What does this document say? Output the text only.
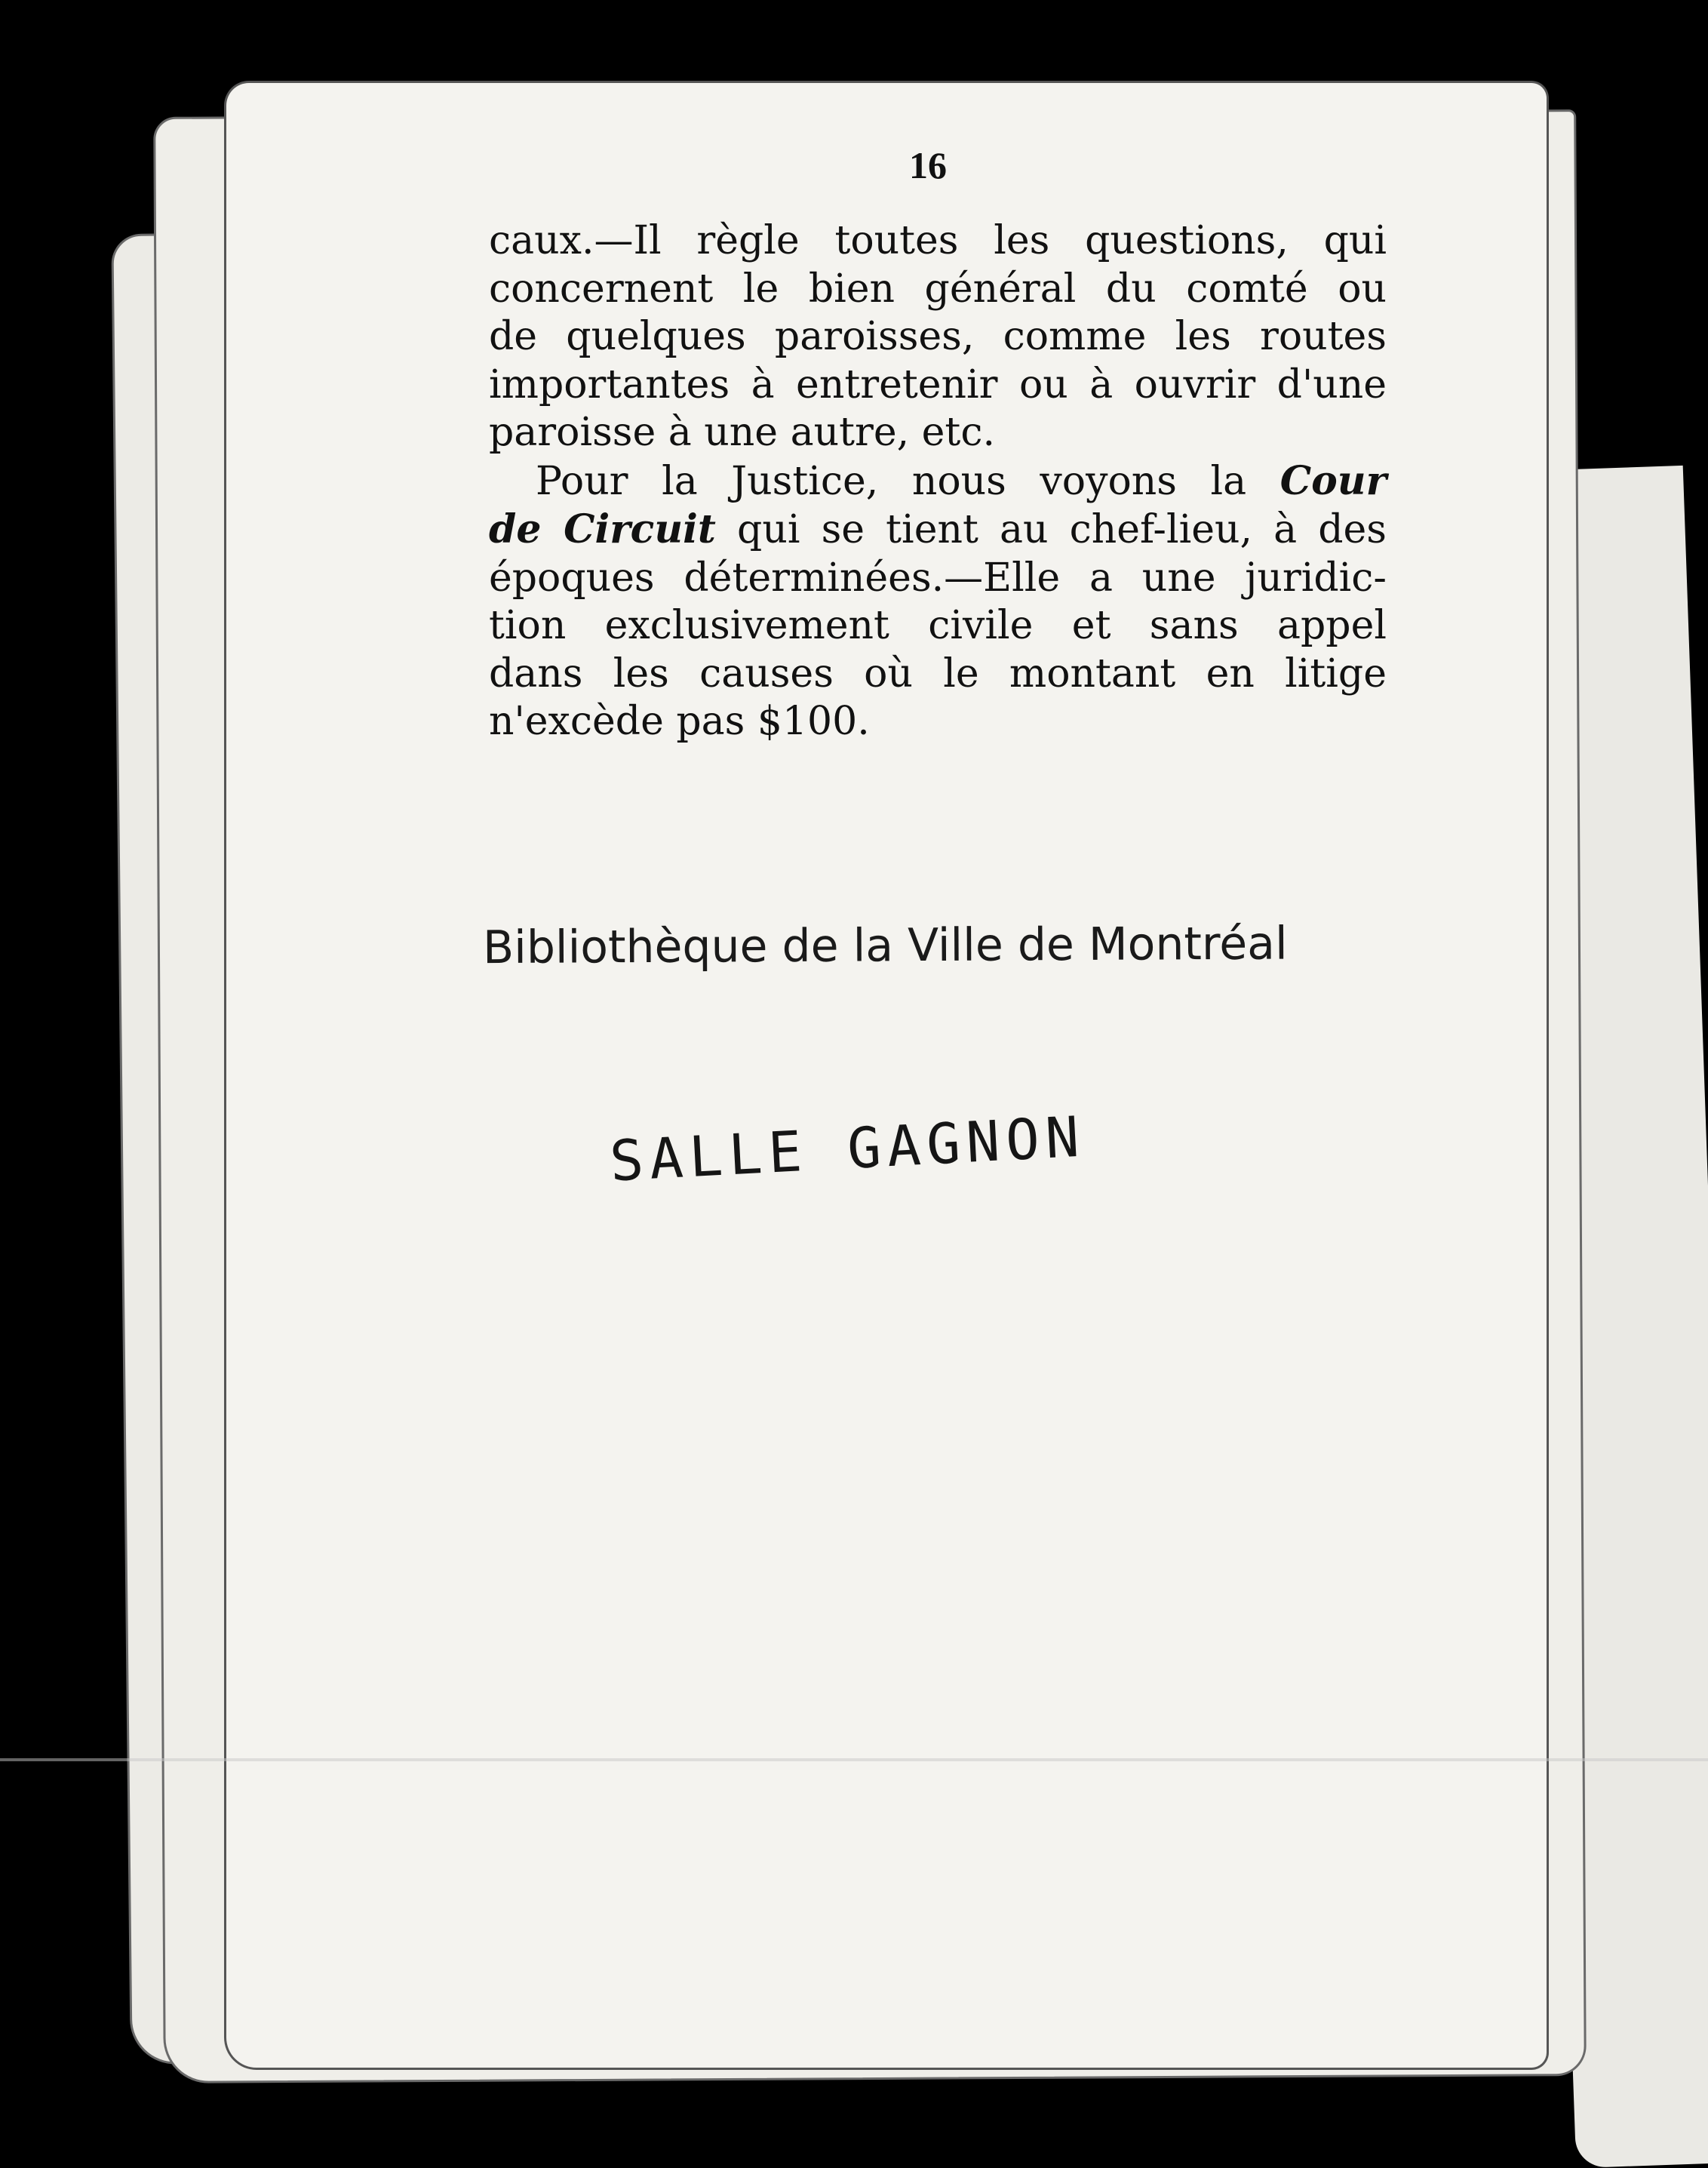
16
caux.—Il règle toutes les questions, qui
concernent le bien général du comté ou
de quelques paroisses, comme les routes
importantes à entretenir ou à ouvrir d'une
paroisse à une autre, etc.
Pour la Justice, nous voyons la Cour
de Circuit qui se tient au chef-lieu, à des
époques déterminées.—Elle a une juridic-
tion exclusivement civile et sans appel
dans les causes où le montant en litige
n'excède pas $100.
Bibliothèque de la Ville de Montréal
SALLE GAGNON
